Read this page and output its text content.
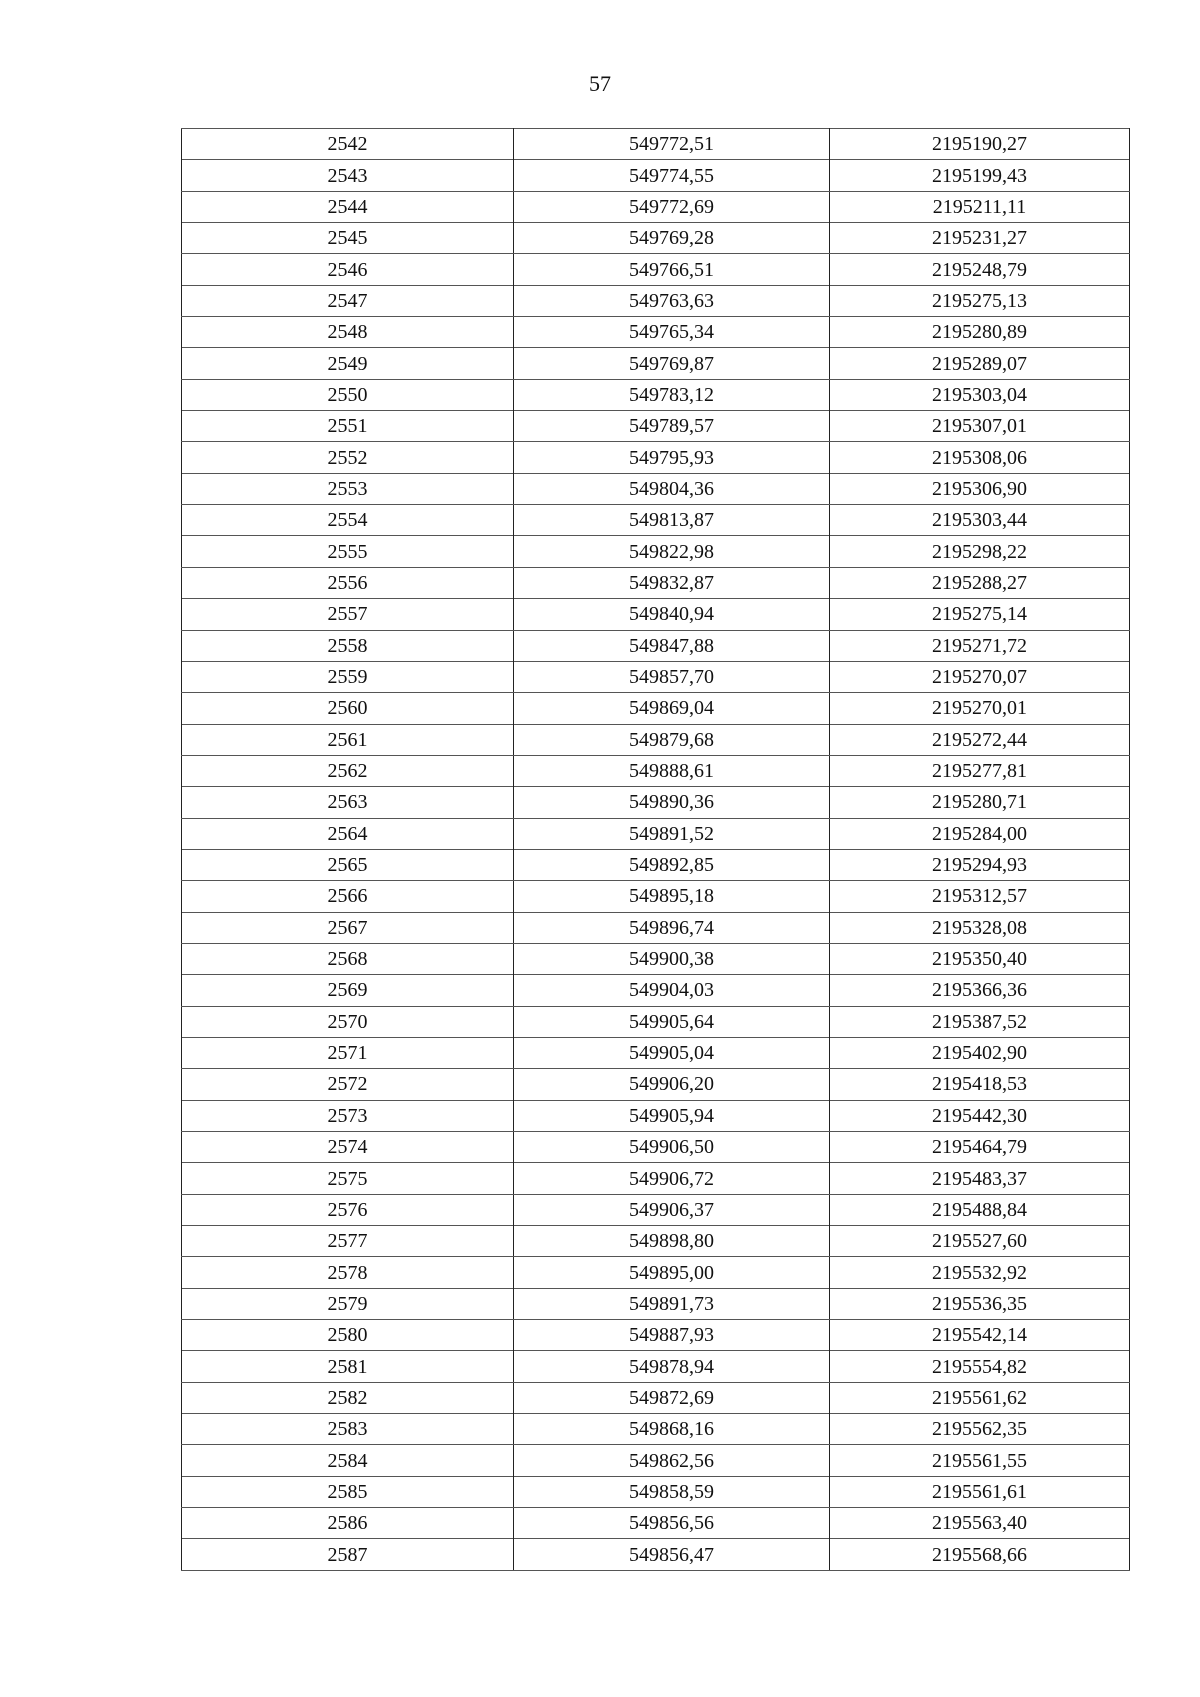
57
2542	549772,51	2195190,27
2543	549774,55	2195199,43
2544	549772,69	2195211,11
2545	549769,28	2195231,27
2546	549766,51	2195248,79
2547	549763,63	2195275,13
2548	549765,34	2195280,89
2549	549769,87	2195289,07
2550	549783,12	2195303,04
2551	549789,57	2195307,01
2552	549795,93	2195308,06
2553	549804,36	2195306,90
2554	549813,87	2195303,44
2555	549822,98	2195298,22
2556	549832,87	2195288,27
2557	549840,94	2195275,14
2558	549847,88	2195271,72
2559	549857,70	2195270,07
2560	549869,04	2195270,01
2561	549879,68	2195272,44
2562	549888,61	2195277,81
2563	549890,36	2195280,71
2564	549891,52	2195284,00
2565	549892,85	2195294,93
2566	549895,18	2195312,57
2567	549896,74	2195328,08
2568	549900,38	2195350,40
2569	549904,03	2195366,36
2570	549905,64	2195387,52
2571	549905,04	2195402,90
2572	549906,20	2195418,53
2573	549905,94	2195442,30
2574	549906,50	2195464,79
2575	549906,72	2195483,37
2576	549906,37	2195488,84
2577	549898,80	2195527,60
2578	549895,00	2195532,92
2579	549891,73	2195536,35
2580	549887,93	2195542,14
2581	549878,94	2195554,82
2582	549872,69	2195561,62
2583	549868,16	2195562,35
2584	549862,56	2195561,55
2585	549858,59	2195561,61
2586	549856,56	2195563,40
2587	549856,47	2195568,66
